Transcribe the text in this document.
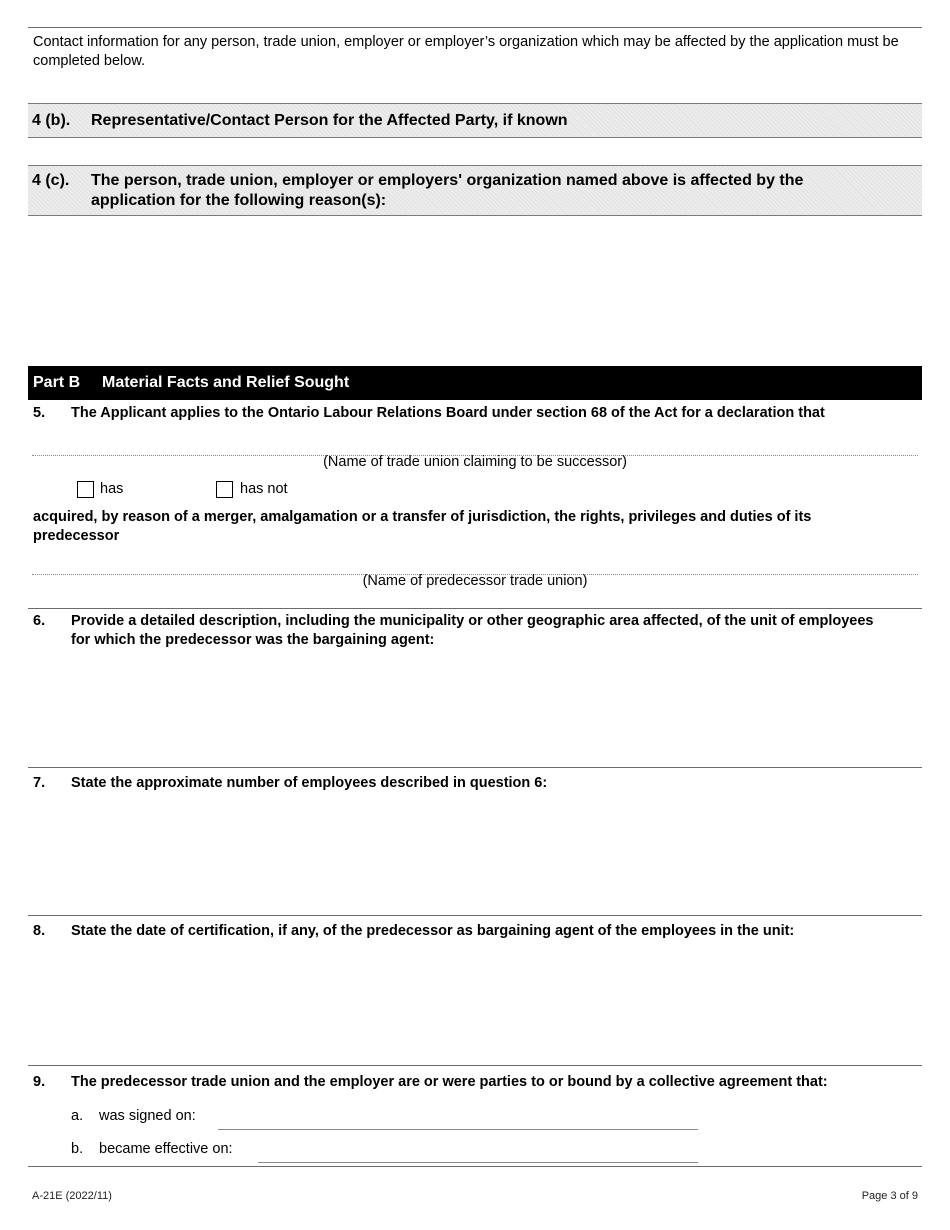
Contact information for any person, trade union, employer or employer’s organization which may be affected by the application must be completed below.
4 (b). Representative/Contact Person for the Affected Party, if known
4 (c). The person, trade union, employer or employers' organization named above is affected by the application for the following reason(s):
Part B Material Facts and Relief Sought
5. The Applicant applies to the Ontario Labour Relations Board under section 68 of the Act for a declaration that
(Name of trade union claiming to be successor)
has	has not
acquired, by reason of a merger, amalgamation or a transfer of jurisdiction, the rights, privileges and duties of its predecessor
(Name of predecessor trade union)
6. Provide a detailed description, including the municipality or other geographic area affected, of the unit of employees for which the predecessor was the bargaining agent:
7. State the approximate number of employees described in question 6:
8. State the date of certification, if any, of the predecessor as bargaining agent of the employees in the unit:
9. The predecessor trade union and the employer are or were parties to or bound by a collective agreement that:
a. was signed on:
b. became effective on:
A-21E (2022/11)	Page 3 of 9
